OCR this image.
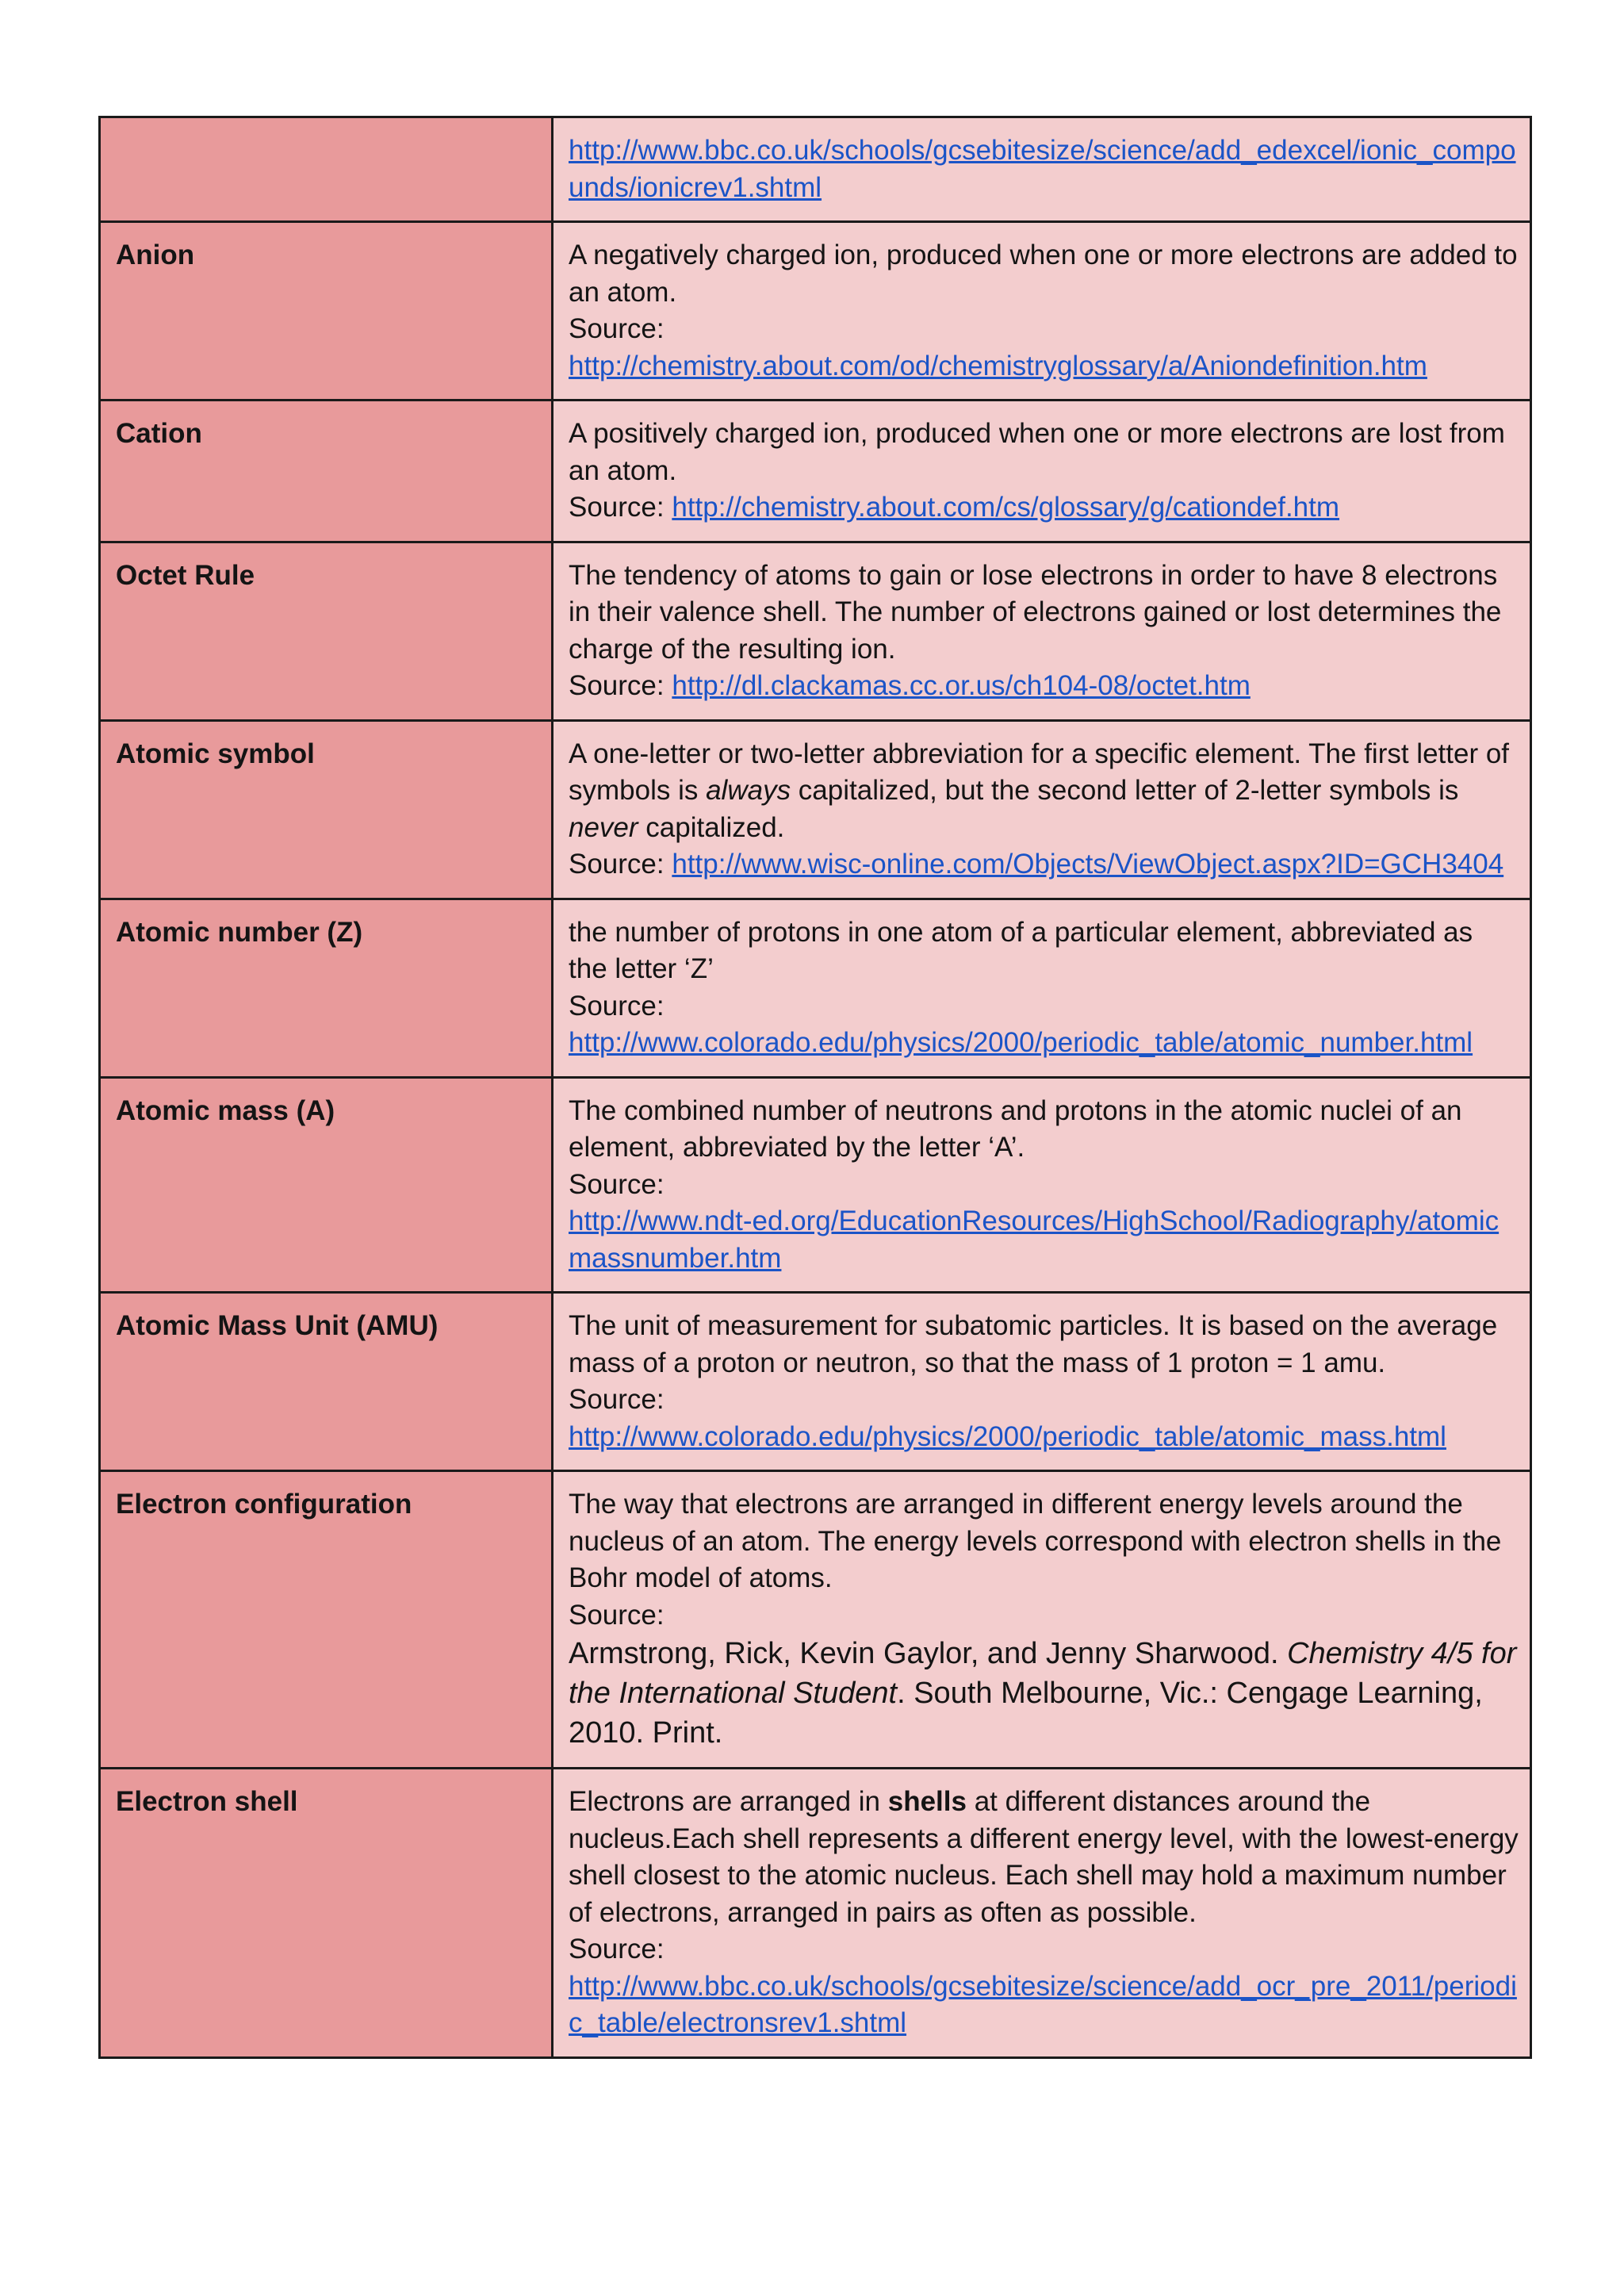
	http://www.bbc.co.uk/schools/gcsebitesize/science/add_edexcel/ionic_compounds/ionicrev1.shtml

Anion	A negatively charged ion, produced when one or more electrons are added to an atom.
Source:
http://chemistry.about.com/od/chemistryglossary/a/Aniondefinition.htm

Cation	A positively charged ion, produced when one or more electrons are lost from an atom.
Source: http://chemistry.about.com/cs/glossary/g/cationdef.htm

Octet Rule	The tendency of atoms to gain or lose electrons in order to have 8 electrons in their valence shell. The number of electrons gained or lost determines the charge of the resulting ion.
Source: http://dl.clackamas.cc.or.us/ch104-08/octet.htm

Atomic symbol	A one-letter or two-letter abbreviation for a specific element. The first letter of symbols is always capitalized, but the second letter of 2-letter symbols is never capitalized.
Source: http://www.wisc-online.com/Objects/ViewObject.aspx?ID=GCH3404

Atomic number (Z)	the number of protons in one atom of a particular element, abbreviated as the letter ‘Z’
Source:
http://www.colorado.edu/physics/2000/periodic_table/atomic_number.html

Atomic mass (A)	The combined number of neutrons and protons in the atomic nuclei of an element, abbreviated by the letter ‘A’.
Source:
http://www.ndt-ed.org/EducationResources/HighSchool/Radiography/atomicmassnumber.htm

Atomic Mass Unit (AMU)	The unit of measurement for subatomic particles. It is based on the average mass of a proton or neutron, so that the mass of 1 proton = 1 amu.
Source:
http://www.colorado.edu/physics/2000/periodic_table/atomic_mass.html

Electron configuration	The way that electrons are arranged in different energy levels around the nucleus of an atom. The energy levels correspond with electron shells in the Bohr model of atoms.
Source:
Armstrong, Rick, Kevin Gaylor, and Jenny Sharwood. Chemistry 4/5 for the International Student. South Melbourne, Vic.: Cengage Learning, 2010. Print.

Electron shell	Electrons are arranged in shells at different distances around the nucleus.Each shell represents a different energy level, with the lowest-energy shell closest to the atomic nucleus. Each shell may hold a maximum number of electrons, arranged in pairs as often as possible.
Source:
http://www.bbc.co.uk/schools/gcsebitesize/science/add_ocr_pre_2011/periodic_table/electronsrev1.shtml
